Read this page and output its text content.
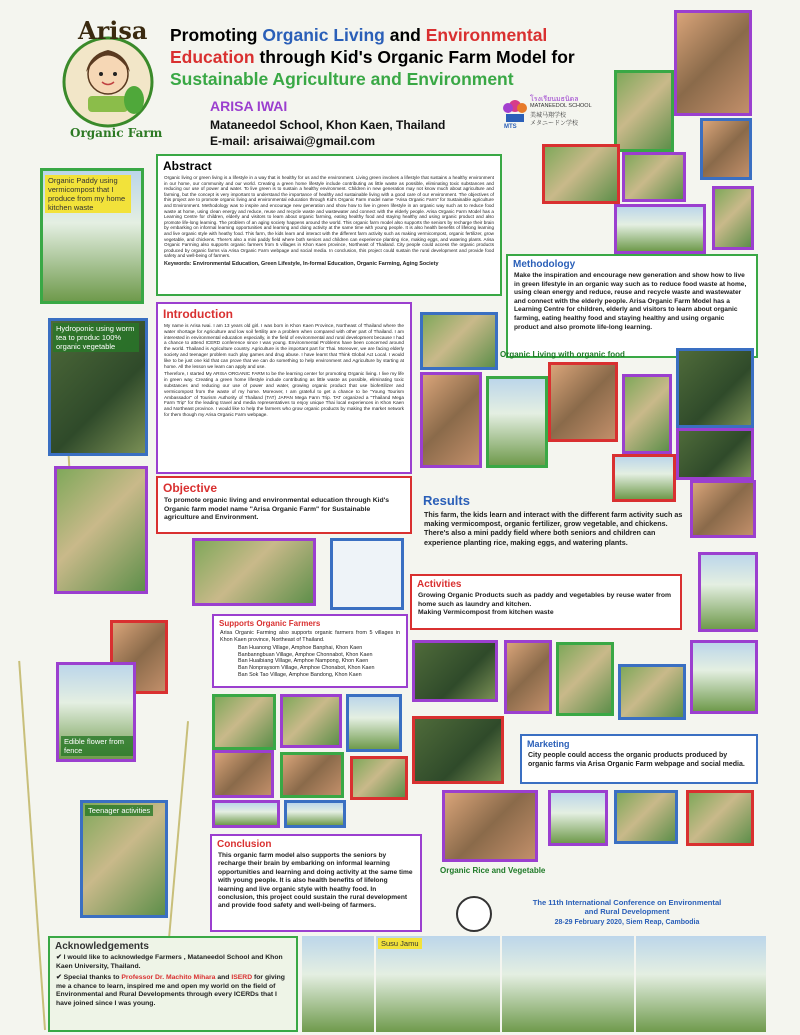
Arisa
Organic Farm
Promoting Organic Living and Environmental
Education through Kid's Organic Farm Model for
Sustainable Agriculture and Environment
ARISA IWAI
Mataneedol School, Khon Kaen, Thailand
E-mail: arisaiwai@gmail.com
โรงเรียนมธนิดล
MATANEEDOL SCHOOL
美城马翔学校
メタニードン学校
MTS
Organic Paddy using vermicompost that I produce from my home kitchen waste
Hydroponic using worm tea to produc 100% organic vegetable
Edible flower from fence
Teenager activities
Abstract
Organic living or green living is a lifestyle in a way that is healthy for us and the environment. Living green involves a lifestyle that sustains a healthy environment in our home, our community and our world. Creating a green home lifestyle include contributing as little waste as possible, eliminating toxic substances and reducing our use of power and water. To live green is to sustain a healthy environment. Children in new generation may not know much about agriculture and farming, but the concept is very important to understand the importance of healthy and sustainable living with a good care of our environment. The objectives of this project are to promote organic living and environmental education through Kid's Organic Farm model name "Arisa Organic Farm" for Sustainable agriculture and Environment. Methodology was to inspire and encourage new generation and show how to live in green lifestyle in an organic way such as to reduce food waste at home, using clean energy and reduce, reuse and recycle waste and wastewater and connect with the elderly people. Arisa Organic Farm Model has a Learning Centre for children, elderly and visitors to learn about organic farming, eating healthy food and staying healthy and using organic product and also promote life-long learning. The problem of an aging society happens around the world. This organic farm model also supports the seniors by recharge their brain by embarking on informal learning opportunities and learning and doing activity at the same time with young people. It is also health benefits of lifelong learning and live organic style with heathy food. This farm, the kids learn and interact with the different farm activity such as making vermicompost, organic fertilizer, grow vegetable, and chickens. There's also a mini paddy field where both seniors and children can experience planting rice, making eggs, and watering plants. Arisa Organic Farming also supports organic farmers from 5 villages in Khon Kaen province, Northeast of Thailand. City people could access the organic products produced by organic farms via Arisa Organic Farm webpage and social media. In conclusion, this project could sustain the rural development and provide food safety and well-being of farmers.
Keywords: Environmental Education, Green Lifestyle, In-formal Education, Organic Farming, Aging Society
Introduction
My name is Arisa Iwai. I am 13 years old girl. I was born in Khon Kaen Province, Northeast of Thailand where the water shortage for Agriculture and low soil fertility are a problem when compared with other part of Thailand. I am interested in environmental education especially, in the field of environmental and rural development because I had a chance to attend ICERD conference since I was young. Environmental Problems have been concerned around the world. Thailand is Agriculture country. Agriculture is the important part for Thai. Moreover, we are facing elderly society and teenager problem such play games and drug abuse. I have learnt that Think Global Act Local. I would like to be just one kid that can prove that we can do something to help environment and Agriculture by starting at home. All the lesson we learn can apply and use.
Therefore, I started My ARISA ORGANIC FARM to be the learning center for promoting Organic living. I live my life in green way. Creating a green home lifestyle include contributing as little waste as possible, eliminating toxic substances and reducing our use of power and water, growing organic product that use biofertilizer and vermicompost from the waste of my home. Moreover, I am grateful to get a chance to be "Young Tourism Ambassador" of Tourism Authority of Thailand (TAT) JAPAN Mega Farm Trip. TAT organized a "Thailand Mega Farm Trip" for the leading travel and media representatives to enjoy unique Thai local experiences in Khon Kaen and Northeast province. I would like to help the farmers who grow organic products by making the market network for them though my Arisa Organic Farm webpage.
Methodology
Make the inspiration and encourage new generation and show how to live in green lifestyle in an organic way such as to reduce food waste at home, using clean energy and reduce, reuse and recycle waste and wastewater and connect with the elderly people. Arisa Organic Farm Model has a Learning Centre for children, elderly and visitors to learn about organic farming, eating healthy food and staying healthy and using organic product and also promote life-long learning.
Organic Living with organic food
Objective
To promote organic living and environmental education through Kid's Organic farm model name "Arisa Organic Farm" for Sustainable agriculture and Environment.
Results
This farm, the kids learn and interact with the different farm activity such as making vermicompost, organic fertilizer, grow vegetable, and chickens. There's also a mini paddy field where both seniors and children can experience planting rice, making eggs, and watering plants.
Supports Organic Farmers
Arisa Organic Farming also supports organic farmers from 5 villages in Khon Kaen province, Northeast of Thailand.
Ban Huanong Village, Amphoe Banphai, Khon Kaen
Banbanngbuan Village, Amphoe Chonnabot, Khon Kaen
Ban Huaibiang Village, Amphoe Nampong, Khon Kaen
Ban Nonpraysom Village, Amphoe Chonabot, Khon Kaen
Ban Sok Tao Village, Amphoe Bandong, Khon Kaen
Activities
Growing Organic Products such as paddy and vegetables by reuse water from home such as laundry and kitchen.
Making Vermicompost from kitchen waste
Marketing
City people could access the organic products produced by organic farms via Arisa Organic Farm webpage and social media.
Organic Rice and Vegetable
Conclusion
This organic farm model also supports the seniors by recharge their brain by embarking on informal learning opportunities and learning and doing activity at the same time with young people. It is also health benefits of lifelong learning and live organic style with heathy food. In conclusion, this project could sustain the rural development and provide food safety and well-being of farmers.	The 11th International Conference on Environmental
and Rural Development
28-29 February 2020, Siem Reap, Cambodia
Acknowledgements
✔ I would like to acknowledge Farmers , Mataneedol School and Khon Kaen University, Thailand.
✔ Special thanks to Professor Dr. Machito Mihara and ISERD for giving me a chance to learn, inspired me and open my world on the field of Environmental and Rural Developments through every ICERDs that I have joined since I was young.
Susu Jamu
